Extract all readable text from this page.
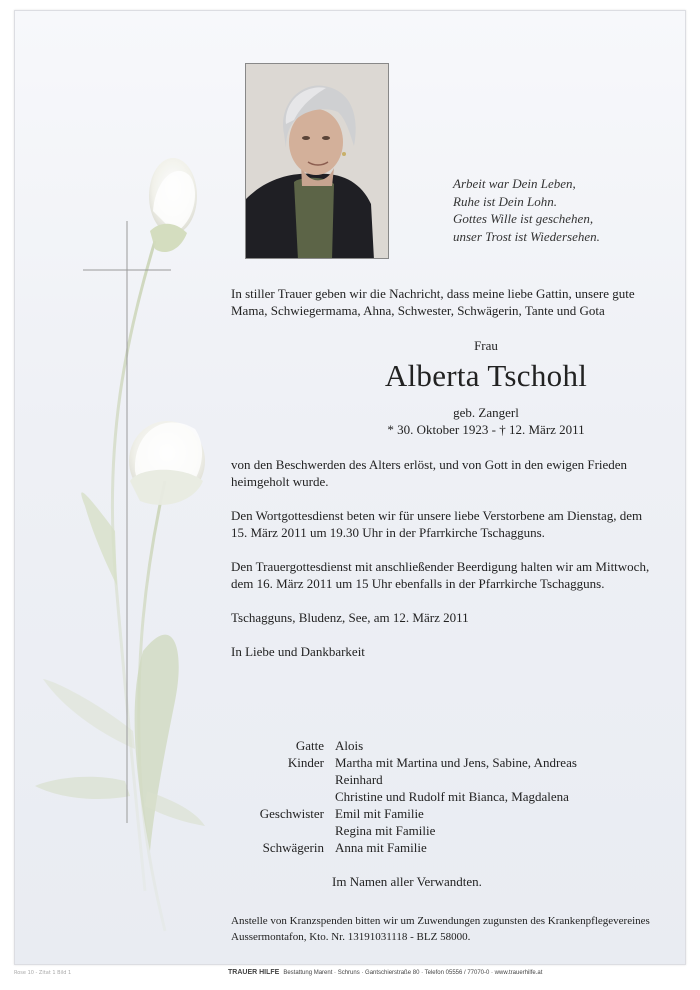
Arbeit war Dein Leben,
Ruhe ist Dein Lohn.
Gottes Wille ist geschehen,
unser Trost ist Wiedersehen.

In stiller Trauer geben wir die Nachricht, dass meine liebe Gattin, unsere gute Mama, Schwiegermama, Ahna, Schwester, Schwägerin, Tante und Gota

Frau
Alberta Tschohl
geb. Zangerl
* 30. Oktober 1923 - † 12. März 2011

von den Beschwerden des Alters erlöst, und von Gott in den ewigen Frieden heimgeholt wurde.

Den Wortgottesdienst beten wir für unsere liebe Verstorbene am Dienstag, dem 15. März 2011 um 19.30 Uhr in der Pfarrkirche Tschagguns.

Den Trauergottesdienst mit anschließender Beerdigung halten wir am Mittwoch, dem 16. März 2011 um 15 Uhr ebenfalls in der Pfarrkirche Tschagguns.

Tschagguns, Bludenz, See, am 12. März 2011

In Liebe und Dankbarkeit

Gatte Alois
Kinder Martha mit Martina und Jens, Sabine, Andreas
Reinhard
Christine und Rudolf mit Bianca, Magdalena
Geschwister Emil mit Familie
Regina mit Familie
Schwägerin Anna mit Familie
Im Namen aller Verwandten.
Anstelle von Kranzspenden bitten wir um Zuwendungen zugunsten des Krankenpflegevereines Aussermontafon, Kto. Nr. 13191031118 - BLZ 58000.
Rose 10 - Zitat 1 Bild 1	TRAUER HILFE Bestattung Marent · Schruns · Gantschierstraße 80 · Telefon 05556 / 77070-0 · www.trauerhilfe.at
